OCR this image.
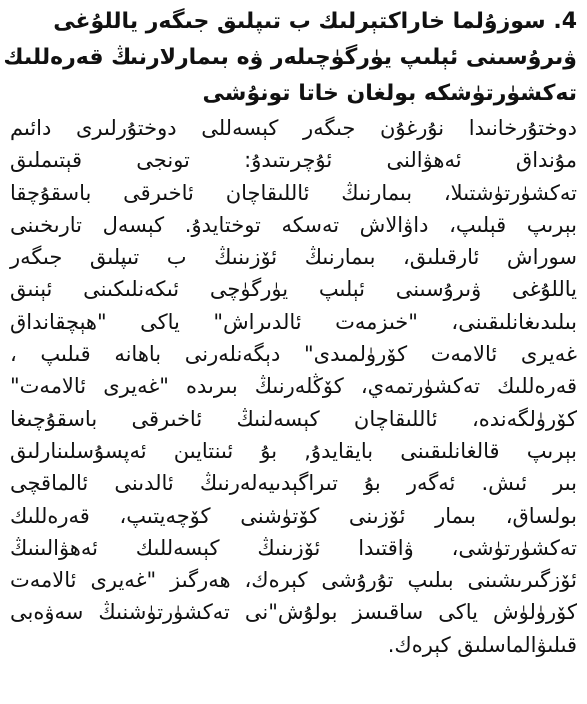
4. سوزۇلما خاراكتېرلىك ب تىپلىق جىگەر ياللۇغى
ۋىرۇسىنى ئېلىپ يۈرگۈچىلەر ۋە بىمارلارنىڭ قەرەللىك
تەكشۈرتۈشكە بولغان خاتا تونۇشى
دوختۇرخانىدا نۇرغۇن جىگەر كېسەللى دوختۇرلىرى دائىم
مۇنداق ئەھۋالنى ئۇچرىتىدۇ: تونجى قېتىملىق
تەكشۈرتۈشتىلا، بىمارنىڭ ئاللىقاچان ئاخىرقى باسقۇچقا
بېرىپ قېلىپ، داۋالاش تەسكە توختايدۇ. كېسەل تارىخىنى
سوراش ئارقىلىق، بىمارنىڭ ئۆزىنىڭ ب تىپلىق جىگەر
ياللۇغى ۋىرۇسىنى ئېلىپ يۈرگۈچى ئىكەنلىكىنى ئېنىق
بىلىدىغانلىقىنى، "خىزمەت ئالدىراش" ياكى "ھېچقانداق
غەيرى ئالامەت كۆرۈلمىدى" دېگەنلەرنى باھانە قىلىپ ،
قەرەللىك تەكشۈرتمەي، كۆڭلەرنىڭ بىرىدە "غەيرى ئالامەت"
كۆرۈلگەندە، ئاللىقاچان كېسەلنىڭ ئاخىرقى باسقۇچىغا
بېرىپ قالغانلىقىنى بايقايدۇ, بۇ ئىنتايىن ئەپسۇسلىنارلىق
بىر ئىش. ئەگەر بۇ تىراگېدىيەلەرنىڭ ئالدىنى ئالماقچى
بولساق، بىمار ئۆزىنى كۆتۈشنى كۆچەيتىپ، قەرەللىك
تەكشۈرتۈشى، ۋاقتىدا ئۆزىنىڭ كېسەللىك ئەھۋالىنىڭ
ئۆزگىرىشىنى بىلىپ تۇرۇشى كېرەك، ھەرگىز "غەيرى ئالامەت
كۆرۈلۈش ياكى ساقىسز بولۇش"نى تەكشۈرتۈشنىڭ سەۋەبى
قىلىۋالماسلىق كېرەك.
